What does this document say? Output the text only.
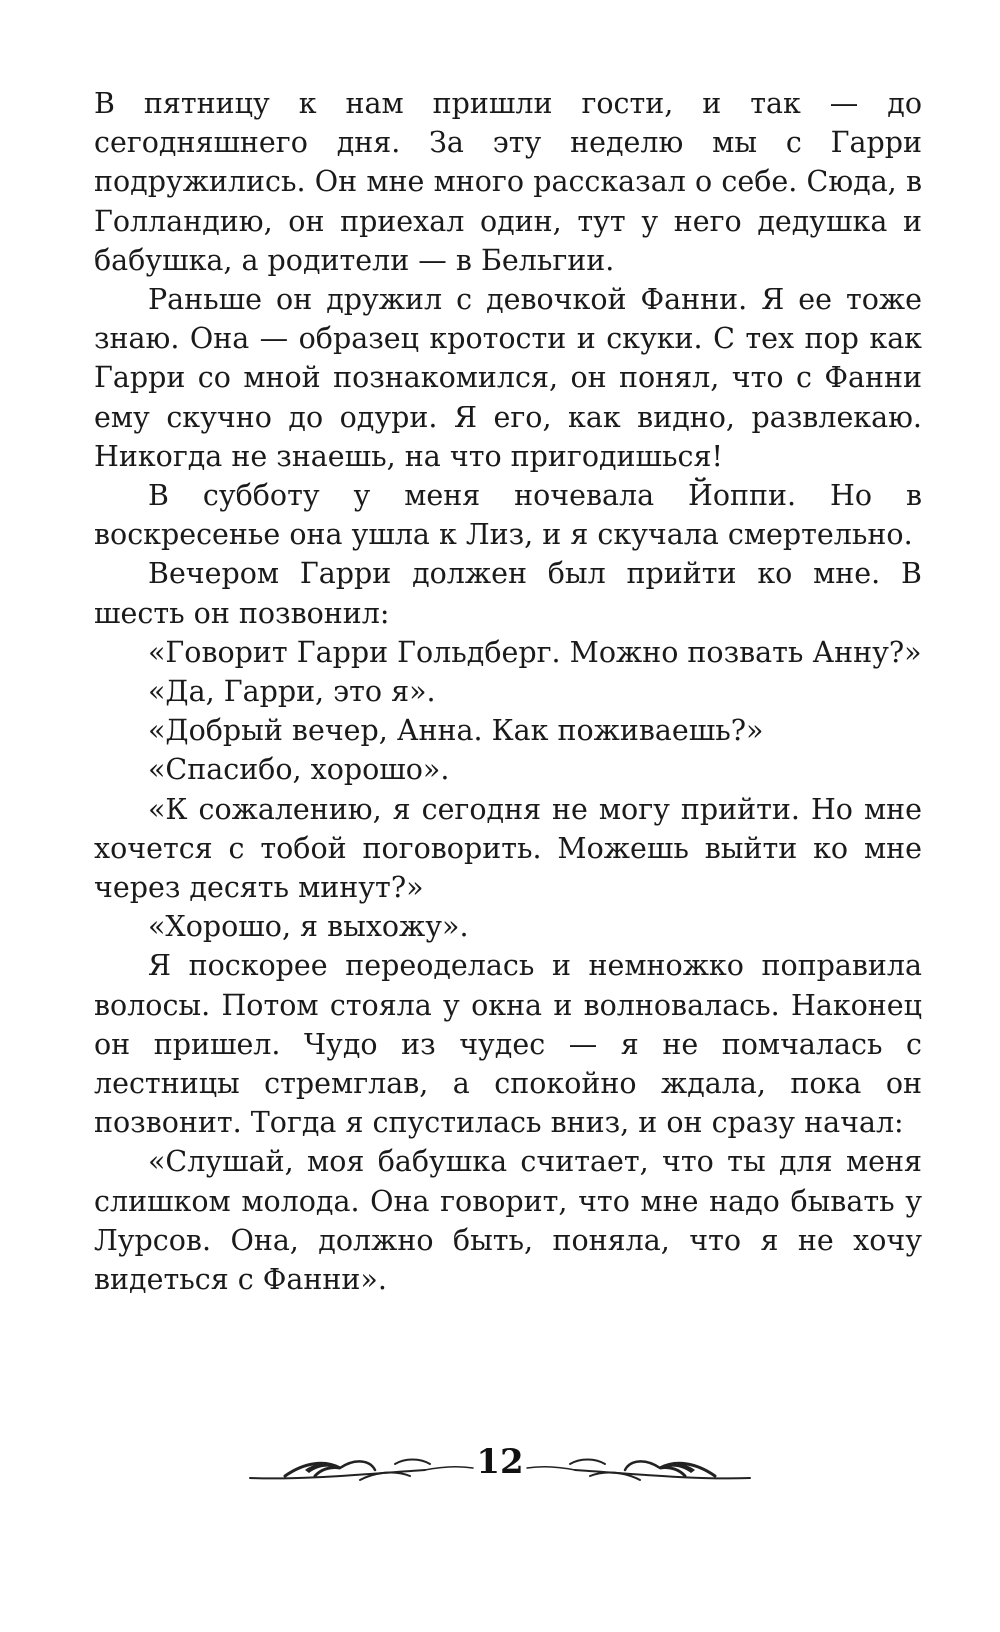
В пятницу к нам пришли гости, и так — до сегодняшнего дня. За эту неделю мы с Гарри подружились. Он мне много рассказал о себе. Сюда, в Голландию, он приехал один, тут у него дедушка и бабушка, а родители — в Бельгии.

Раньше он дружил с девочкой Фанни. Я ее тоже знаю. Она — образец кротости и скуки. С тех пор как Гарри со мной познакомился, он понял, что с Фанни ему скучно до одури. Я его, как видно, развлекаю. Никогда не знаешь, на что пригодишься!

В субботу у меня ночевала Йоппи. Но в воскресенье она ушла к Лиз, и я скучала смертельно.

Вечером Гарри должен был прийти ко мне. В шесть он позвонил:

«Говорит Гарри Гольдберг. Можно позвать Анну?»

«Да, Гарри, это я».

«Добрый вечер, Анна. Как поживаешь?»

«Спасибо, хорошо».

«К сожалению, я сегодня не могу прийти. Но мне хочется с тобой поговорить. Можешь выйти ко мне через десять минут?»

«Хорошо, я выхожу».

Я поскорее переоделась и немножко поправила волосы. Потом стояла у окна и волновалась. Наконец он пришел. Чудо из чудес — я не помчалась с лестницы стремглав, а спокойно ждала, пока он позвонит. Тогда я спустилась вниз, и он сразу начал:

«Слушай, моя бабушка считает, что ты для меня слишком молода. Она говорит, что мне надо бывать у Лурсов. Она, должно быть, поняла, что я не хочу видеться с Фанни».

12
